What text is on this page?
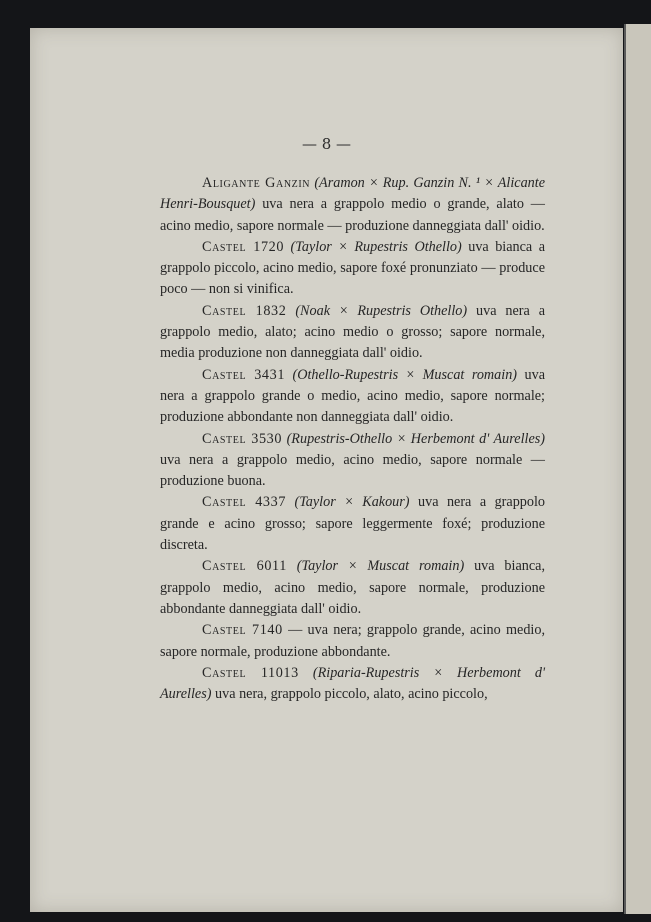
— 8 —

Aligante Ganzin (Aramon × Rup. Ganzin N. ¹ × Alicante Henri-Bousquet) uva nera a grappolo medio o grande, alato — acino medio, sapore normale — produzione danneggiata dall' oidio.

Castel 1720 (Taylor × Rupestris Othello) uva bianca a grappolo piccolo, acino medio, sapore foxé pronunziato — produce poco — non si vinifica.

Castel 1832 (Noak × Rupestris Othello) uva nera a grappolo medio, alato; acino medio o grosso; sapore normale, media produzione non danneggiata dall' oidio.

Castel 3431 (Othello-Rupestris × Muscat romain) uva nera a grappolo grande o medio, acino medio, sapore normale; produzione abbondante non danneggiata dall' oidio.

Castel 3530 (Rupestris-Othello × Herbemont d' Aurelles) uva nera a grappolo medio, acino medio, sapore normale — produzione buona.

Castel 4337 (Taylor × Kakour) uva nera a grappolo grande e acino grosso; sapore leggermente foxé; produzione discreta.

Castel 6011 (Taylor × Muscat romain) uva bianca, grappolo medio, acino medio, sapore normale, produzione abbondante danneggiata dall' oidio.

Castel 7140 — uva nera; grappolo grande, acino medio, sapore normale, produzione abbondante.

Castel 11013 (Riparia-Rupestris × Herbemont d' Aurelles) uva nera, grappolo piccolo, alato, acino piccolo,
